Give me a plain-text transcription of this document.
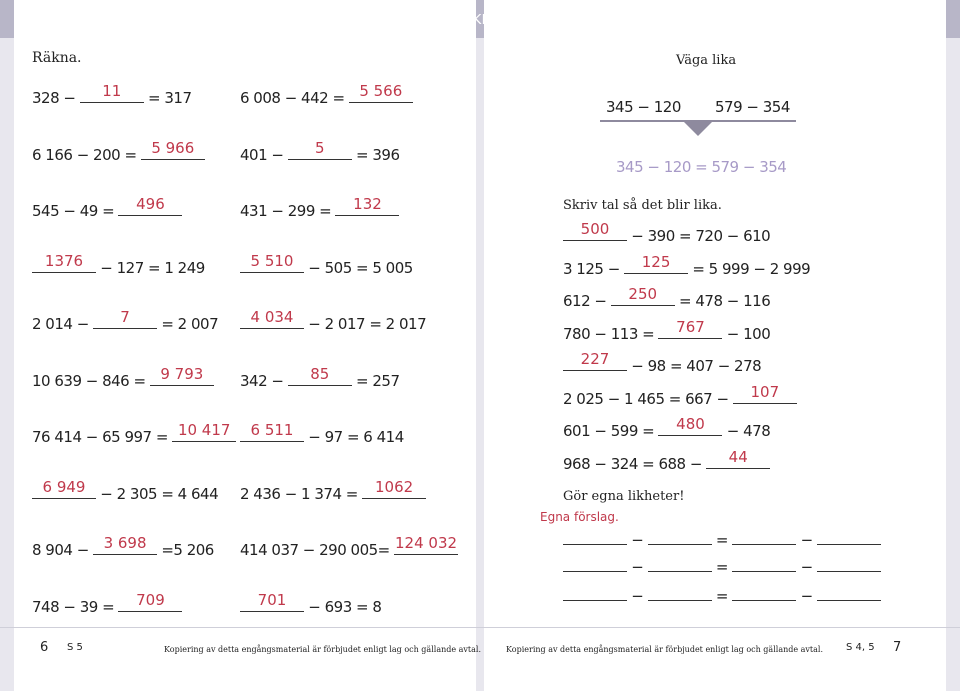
KLASSRESAN — MATTECIRKELN SUBTRAKTION 2 — FACIT
Räkna.
328 −	11	= 317
6 166 − 200 = 5 966
545 − 49 =	496
1376	− 127 = 1 249
2 014 −	7	= 2 007
10 639 − 846 = 9 793
76 414 − 65 997 = 10 417
6 949 − 2 305 = 4 644
8 904 − 3 698 =5 206
748 − 39 =	709
6 008 − 442 = 5 566
401 −	5	= 396
431 − 299 =	132
5 510 − 505 = 5 005
4 034 − 2 017 = 2 017
342 −	85	= 257
6 511 − 97 = 6 414
2 436 − 1 374 =	1062
414 037 − 290 005= 124 032
701	− 693 = 8
Väga lika
345 − 120 579 − 354
345 − 120 = 579 − 354
Skriv tal så det blir lika.
500	− 390 = 720 − 610
3 125 −	125	= 5 999 − 2 999
612 −	250	= 478 − 116
780 − 113 =	767	− 100
227	− 98 = 407 − 278
2 025 − 1 465 = 667 −	107
601 − 599 =	480	− 478
968 − 324 = 688 −	44
Gör egna likheter!
Egna förslag.
−	=	−
−	=	−
−	=	−
6 S 5	Kopiering av detta engångsmaterial är förbjudet enligt lag och gällande avtal.	Kopiering av detta engångsmaterial är förbjudet enligt lag och gällande avtal. S 4, 5 7
